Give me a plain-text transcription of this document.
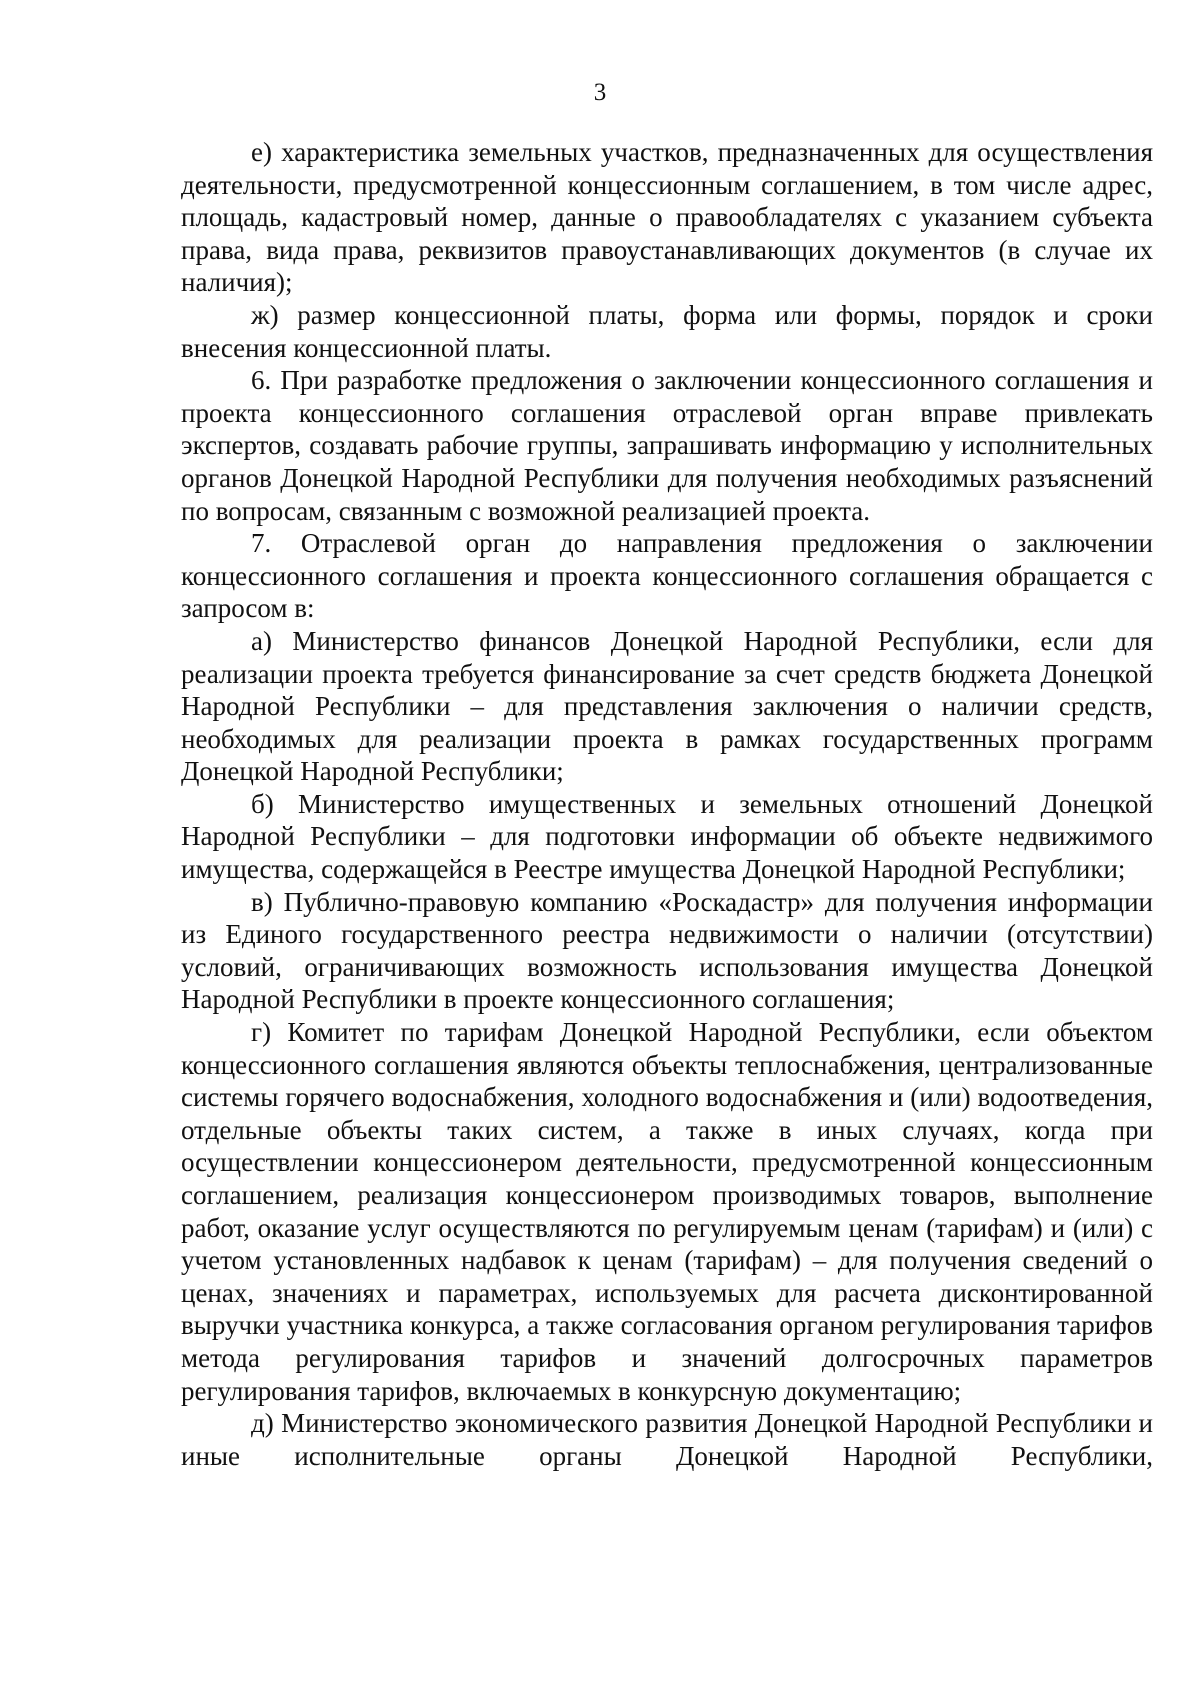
3

е) характеристика земельных участков, предназначенных для осуществления деятельности, предусмотренной концессионным соглашением, в том числе адрес, площадь, кадастровый номер, данные о правообладателях с указанием субъекта права, вида права, реквизитов правоустанавливающих документов (в случае их наличия);

ж) размер концессионной платы, форма или формы, порядок и сроки внесения концессионной платы.

6. При разработке предложения о заключении концессионного соглашения и проекта концессионного соглашения отраслевой орган вправе привлекать экспертов, создавать рабочие группы, запрашивать информацию у исполнительных органов Донецкой Народной Республики для получения необходимых разъяснений по вопросам, связанным с возможной реализацией проекта.

7. Отраслевой орган до направления предложения о заключении концессионного соглашения и проекта концессионного соглашения обращается с запросом в:

а) Министерство финансов Донецкой Народной Республики, если для реализации проекта требуется финансирование за счет средств бюджета Донецкой Народной Республики – для представления заключения о наличии средств, необходимых для реализации проекта в рамках государственных программ Донецкой Народной Республики;

б) Министерство имущественных и земельных отношений Донецкой Народной Республики – для подготовки информации об объекте недвижимого имущества, содержащейся в Реестре имущества Донецкой Народной Республики;

в) Публично-правовую компанию «Роскадастр» для получения информации из Единого государственного реестра недвижимости о наличии (отсутствии) условий, ограничивающих возможность использования имущества Донецкой Народной Республики в проекте концессионного соглашения;

г) Комитет по тарифам Донецкой Народной Республики, если объектом концессионного соглашения являются объекты теплоснабжения, централизованные системы горячего водоснабжения, холодного водоснабжения и (или) водоотведения, отдельные объекты таких систем, а также в иных случаях, когда при осуществлении концессионером деятельности, предусмотренной концессионным соглашением, реализация концессионером производимых товаров, выполнение работ, оказание услуг осуществляются по регулируемым ценам (тарифам) и (или) с учетом установленных надбавок к ценам (тарифам) – для получения сведений о ценах, значениях и параметрах, используемых для расчета дисконтированной выручки участника конкурса, а также согласования органом регулирования тарифов метода регулирования тарифов и значений долгосрочных параметров регулирования тарифов, включаемых в конкурсную документацию;

д) Министерство экономического развития Донецкой Народной Республики и иные исполнительные органы Донецкой Народной Республики,
